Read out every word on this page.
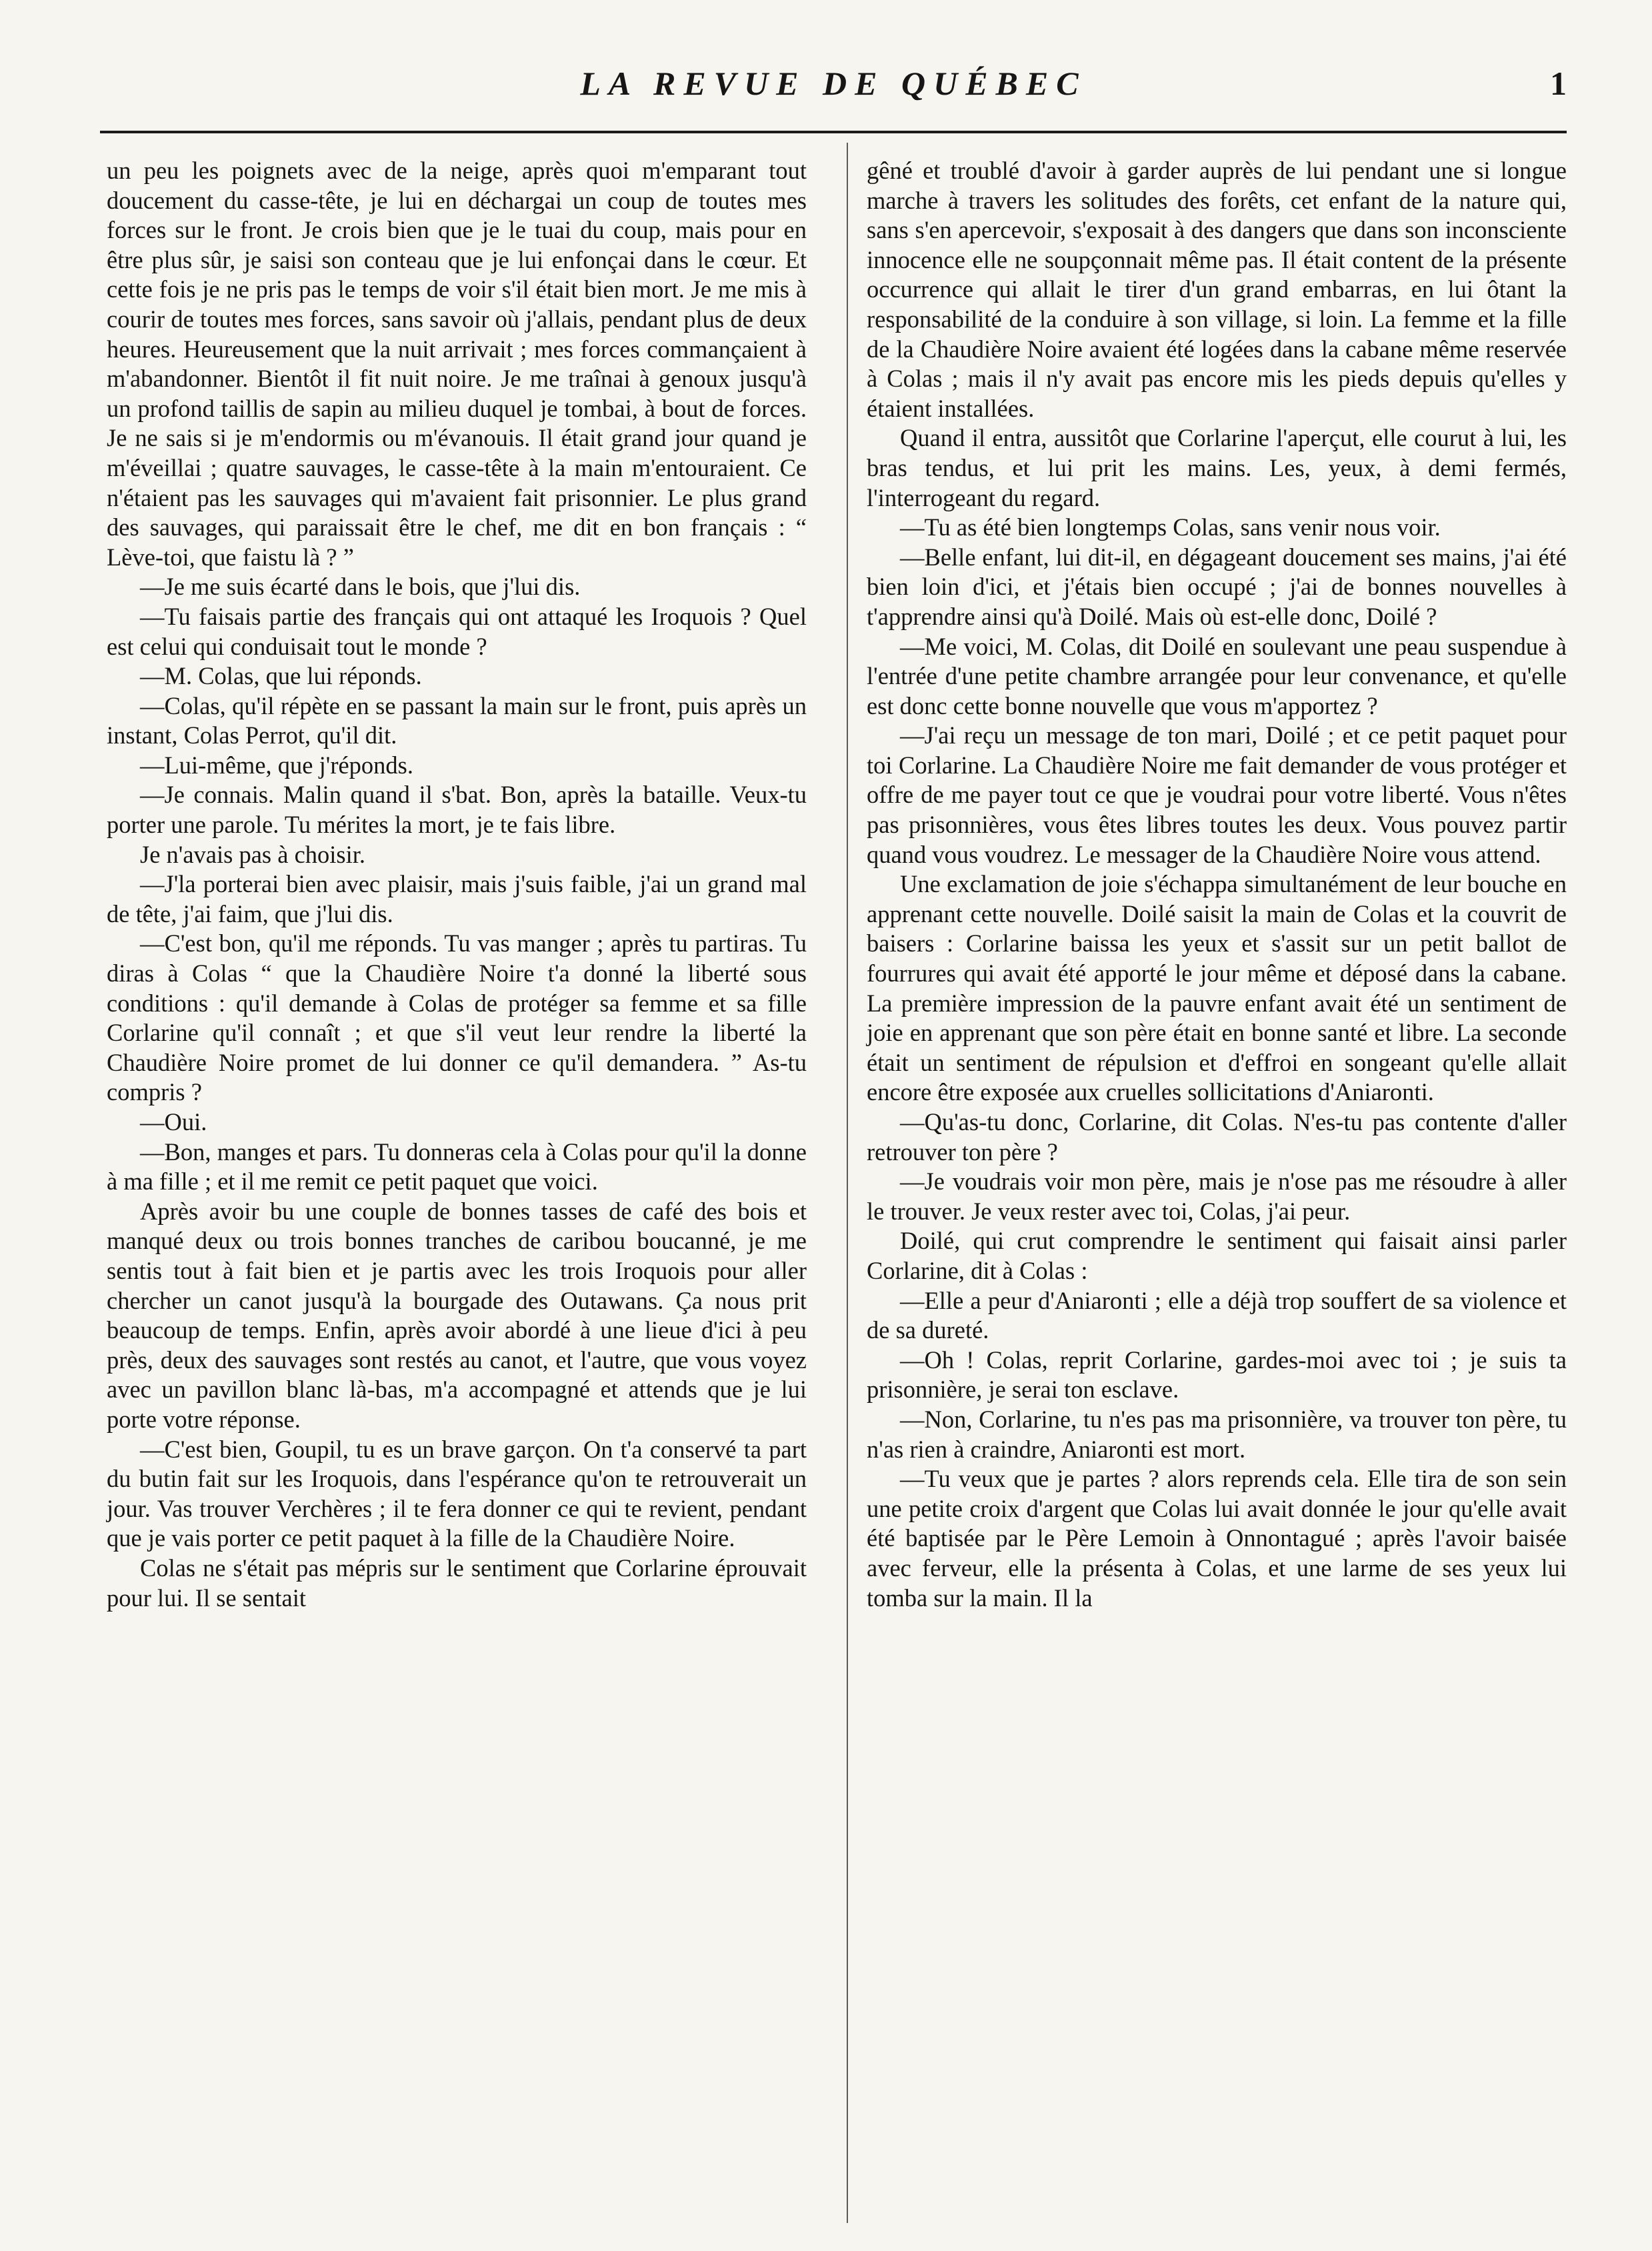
LA REVUE DE QUÉBEC	1

un peu les poignets avec de la neige, après quoi m'emparant tout doucement du casse-tête, je lui en déchargai un coup de toutes mes forces sur le front. Je crois bien que je le tuai du coup, mais pour en être plus sûr, je saisi son conteau que je lui enfonçai dans le cœur. Et cette fois je ne pris pas le temps de voir s'il était bien mort. Je me mis à courir de toutes mes forces, sans savoir où j'allais, pendant plus de deux heures. Heureusement que la nuit arrivait ; mes forces commançaient à m'abandonner. Bientôt il fit nuit noire. Je me traînai à genoux jusqu'à un profond taillis de sapin au milieu duquel je tombai, à bout de forces. Je ne sais si je m'endormis ou m'évanouis. Il était grand jour quand je m'éveillai ; quatre sauvages, le casse-tête à la main m'entouraient. Ce n'étaient pas les sauvages qui m'avaient fait prisonnier. Le plus grand des sauvages, qui paraissait être le chef, me dit en bon français : “ Lève-toi, que faistu là ? ”

—Je me suis écarté dans le bois, que j'lui dis.

—Tu faisais partie des français qui ont attaqué les Iroquois ? Quel est celui qui conduisait tout le monde ?

—M. Colas, que lui réponds.

—Colas, qu'il répète en se passant la main sur le front, puis après un instant, Colas Perrot, qu'il dit.

—Lui-même, que j'réponds.

—Je connais. Malin quand il s'bat. Bon, après la bataille. Veux-tu porter une parole. Tu mérites la mort, je te fais libre.

Je n'avais pas à choisir.

—J'la porterai bien avec plaisir, mais j'suis faible, j'ai un grand mal de tête, j'ai faim, que j'lui dis.

—C'est bon, qu'il me réponds. Tu vas manger ; après tu partiras. Tu diras à Colas “ que la Chaudière Noire t'a donné la liberté sous conditions : qu'il demande à Colas de protéger sa femme et sa fille Corlarine qu'il connaît ; et que s'il veut leur rendre la liberté la Chaudière Noire promet de lui donner ce qu'il demandera. ” As-tu compris ?

—Oui.

—Bon, manges et pars. Tu donneras cela à Colas pour qu'il la donne à ma fille ; et il me remit ce petit paquet que voici.

Après avoir bu une couple de bonnes tasses de café des bois et manqué deux ou trois bonnes tranches de caribou boucanné, je me sentis tout à fait bien et je partis avec les trois Iroquois pour aller chercher un canot jusqu'à la bourgade des Outawans. Ça nous prit beaucoup de temps. Enfin, après avoir abordé à une lieue d'ici à peu près, deux des sauvages sont restés au canot, et l'autre, que vous voyez avec un pavillon blanc là-bas, m'a accompagné et attends que je lui porte votre réponse.

—C'est bien, Goupil, tu es un brave garçon. On t'a conservé ta part du butin fait sur les Iroquois, dans l'espérance qu'on te retrouverait un jour. Vas trouver Verchères ; il te fera donner ce qui te revient, pendant que je vais porter ce petit paquet à la fille de la Chaudière Noire.

Colas ne s'était pas mépris sur le sentiment que Corlarine éprouvait pour lui. Il se sentait

gêné et troublé d'avoir à garder auprès de lui pendant une si longue marche à travers les solitudes des forêts, cet enfant de la nature qui, sans s'en apercevoir, s'exposait à des dangers que dans son inconsciente innocence elle ne soupçonnait même pas. Il était content de la présente occurrence qui allait le tirer d'un grand embarras, en lui ôtant la responsabilité de la conduire à son village, si loin. La femme et la fille de la Chaudière Noire avaient été logées dans la cabane même reservée à Colas ; mais il n'y avait pas encore mis les pieds depuis qu'elles y étaient installées.

Quand il entra, aussitôt que Corlarine l'aperçut, elle courut à lui, les bras tendus, et lui prit les mains. Les, yeux, à demi fermés, l'interrogeant du regard.

—Tu as été bien longtemps Colas, sans venir nous voir.

—Belle enfant, lui dit-il, en dégageant doucement ses mains, j'ai été bien loin d'ici, et j'étais bien occupé ; j'ai de bonnes nouvelles à t'apprendre ainsi qu'à Doilé. Mais où est-elle donc, Doilé ?

—Me voici, M. Colas, dit Doilé en soulevant une peau suspendue à l'entrée d'une petite chambre arrangée pour leur convenance, et qu'elle est donc cette bonne nouvelle que vous m'apportez ?

—J'ai reçu un message de ton mari, Doilé ; et ce petit paquet pour toi Corlarine. La Chaudière Noire me fait demander de vous protéger et offre de me payer tout ce que je voudrai pour votre liberté. Vous n'êtes pas prisonnières, vous êtes libres toutes les deux. Vous pouvez partir quand vous voudrez. Le messager de la Chaudière Noire vous attend.

Une exclamation de joie s'échappa simultanément de leur bouche en apprenant cette nouvelle. Doilé saisit la main de Colas et la couvrit de baisers : Corlarine baissa les yeux et s'assit sur un petit ballot de fourrures qui avait été apporté le jour même et déposé dans la cabane. La première impression de la pauvre enfant avait été un sentiment de joie en apprenant que son père était en bonne santé et libre. La seconde était un sentiment de répulsion et d'effroi en songeant qu'elle allait encore être exposée aux cruelles sollicitations d'Aniaronti.

—Qu'as-tu donc, Corlarine, dit Colas. N'es-tu pas contente d'aller retrouver ton père ?

—Je voudrais voir mon père, mais je n'ose pas me résoudre à aller le trouver. Je veux rester avec toi, Colas, j'ai peur.

Doilé, qui crut comprendre le sentiment qui faisait ainsi parler Corlarine, dit à Colas :

—Elle a peur d'Aniaronti ; elle a déjà trop souffert de sa violence et de sa dureté.

—Oh ! Colas, reprit Corlarine, gardes-moi avec toi ; je suis ta prisonnière, je serai ton esclave.

—Non, Corlarine, tu n'es pas ma prisonnière, va trouver ton père, tu n'as rien à craindre, Aniaronti est mort.

—Tu veux que je partes ? alors reprends cela. Elle tira de son sein une petite croix d'argent que Colas lui avait donnée le jour qu'elle avait été baptisée par le Père Lemoin à Onnontagué ; après l'avoir baisée avec ferveur, elle la présenta à Colas, et une larme de ses yeux lui tomba sur la main. Il la
